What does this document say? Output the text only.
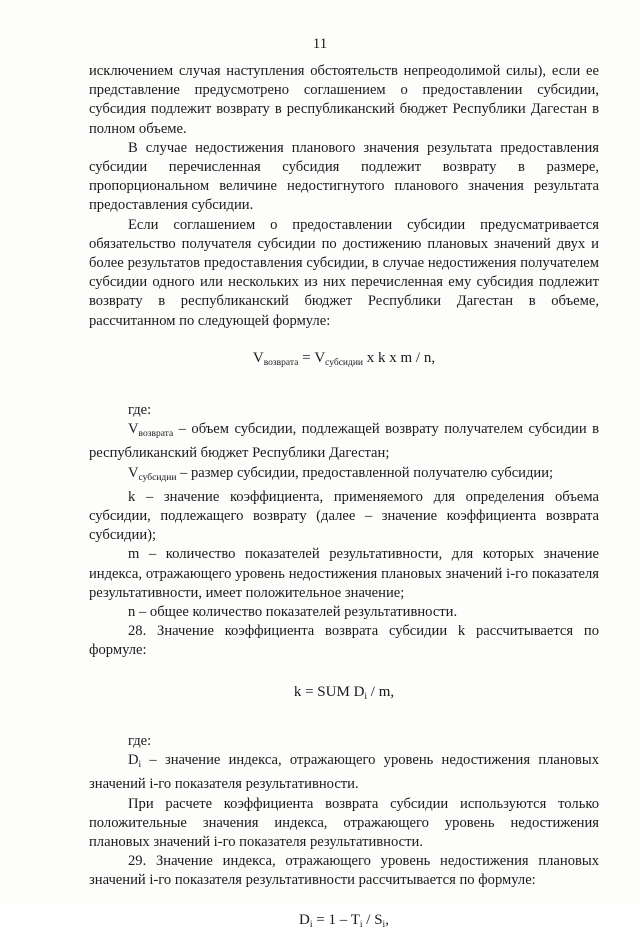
11

исключением случая наступления обстоятельств непреодолимой силы), если ее представление предусмотрено соглашением о предоставлении субсидии, субсидия подлежит возврату в республиканский бюджет Республики Дагестан в полном объеме.

В случае недостижения планового значения результата предоставления субсидии перечисленная субсидия подлежит возврату в размере, пропорциональном величине недостигнутого планового значения результата предоставления субсидии.

Если соглашением о предоставлении субсидии предусматривается обязательство получателя субсидии по достижению плановых значений двух и более результатов предоставления субсидии, в случае недостижения получателем субсидии одного или нескольких из них перечисленная ему субсидия подлежит возврату в республиканский бюджет Республики Дагестан в объеме, рассчитанном по следующей формуле:

$V_{возврата} = V_{субсидии}$ x k x m / n,

где:

$V_{возврата}$ – объем субсидии, подлежащей возврату получателем субсидии в республиканский бюджет Республики Дагестан;

$V_{субсидии}$ – размер субсидии, предоставленной получателю субсидии;

k – значение коэффициента, применяемого для определения объема субсидии, подлежащего возврату (далее – значение коэффициента возврата субсидии);

m – количество показателей результативности, для которых значение индекса, отражающего уровень недостижения плановых значений i-го показателя результативности, имеет положительное значение;

n – общее количество показателей результативности.

28. Значение коэффициента возврата субсидии k рассчитывается по формуле:

k = SUM $D_i$ / m,

где:

$D_i$ – значение индекса, отражающего уровень недостижения плановых значений i-го показателя результативности.

При расчете коэффициента возврата субсидии используются только положительные значения индекса, отражающего уровень недостижения плановых значений i-го показателя результативности.

29. Значение индекса, отражающего уровень недостижения плановых значений i-го показателя результативности рассчитывается по формуле:

$D_i = 1 - T_i / S_i$,
